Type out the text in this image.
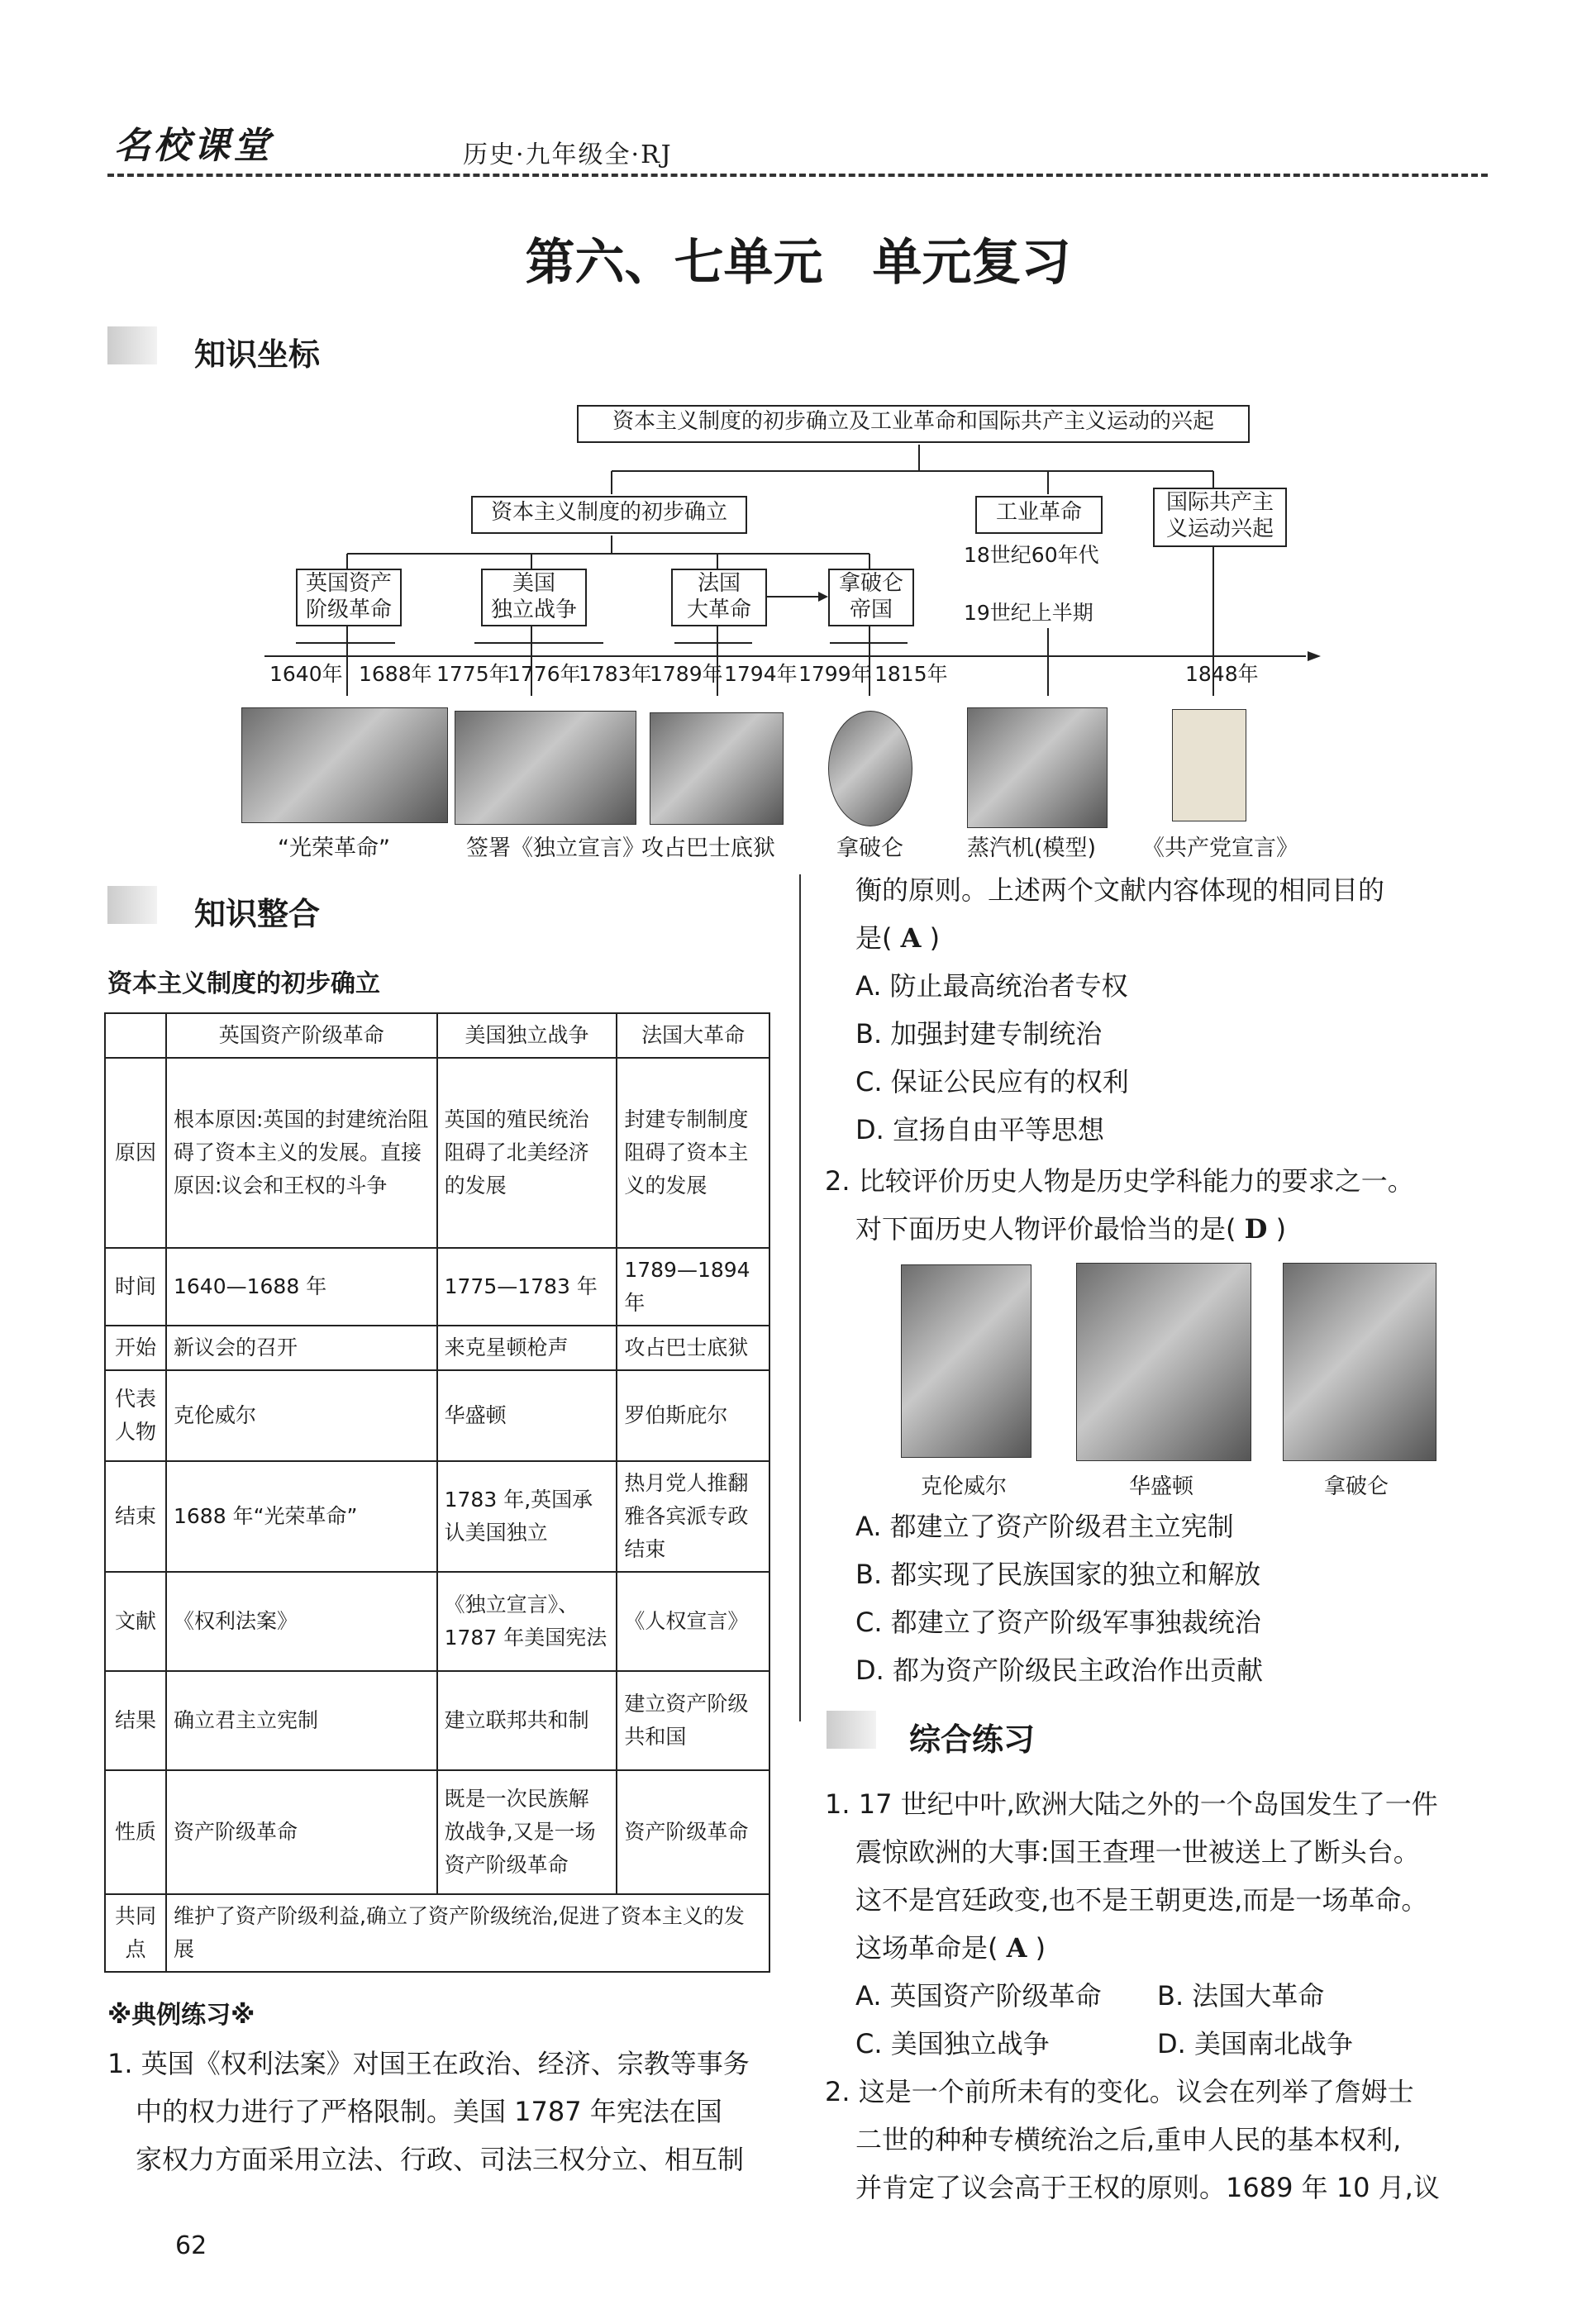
名校课堂	历史·九年级全·RJ
第六、七单元　单元复习
知识坐标
资本主义制度的初步确立及工业革命和国际共产主义运动的兴起
资本主义制度的初步确立	工业革命	国际共产主
义运动兴起
英国资产
阶级革命
美国
独立战争
法国
大革命
拿破仑
帝国
18世纪60年代
19世纪上半期
1640年 1688年 1775年
1776年
1783年
1789年 1794年 1799年 1815年	1848年
“光荣革命”	签署《独立宣言》
攻占巴士底狱	拿破仑	蒸汽机(模型) 《共产党宣言》
知识整合
资本主义制度的初步确立
	英国资产阶级革命	美国独立战争	法国大革命
原因	根本原因:英国的封建统治阻碍了资本主义的发展。直接原因:议会和王权的斗争	英国的殖民统治阻碍了北美经济的发展	封建专制制度阻碍了资本主义的发展
时间	1640—1688 年	1775—1783 年	1789—1894 年
开始	新议会的召开	来克星顿枪声	攻占巴士底狱
代表人物	克伦威尔	华盛顿	罗伯斯庇尔
结束	1688 年“光荣革命”	1783 年,英国承认美国独立	热月党人推翻雅各宾派专政结束
文献	《权利法案》	《独立宣言》、1787 年美国宪法	《人权宣言》
结果	确立君主立宪制	建立联邦共和制	建立资产阶级共和国
性质	资产阶级革命	既是一次民族解放战争,又是一场资产阶级革命	资产阶级革命
共同点	维护了资产阶级利益,确立了资产阶级统治,促进了资本主义的发展		
※典例练习※
1. 英国《权利法案》对国王在政治、经济、宗教等事务
中的权力进行了严格限制。美国 1787 年宪法在国
家权力方面采用立法、行政、司法三权分立、相互制
衡的原则。上述两个文献内容体现的相同目的
是( A )
A. 防止最高统治者专权
B. 加强封建专制统治
C. 保证公民应有的权利
D. 宣扬自由平等思想
2. 比较评价历史人物是历史学科能力的要求之一。
对下面历史人物评价最恰当的是( D )
克伦威尔	华盛顿	拿破仑
A. 都建立了资产阶级君主立宪制
B. 都实现了民族国家的独立和解放
C. 都建立了资产阶级军事独裁统治
D. 都为资产阶级民主政治作出贡献
综合练习
1. 17 世纪中叶,欧洲大陆之外的一个岛国发生了一件
震惊欧洲的大事:国王查理一世被送上了断头台。
这不是宫廷政变,也不是王朝更迭,而是一场革命。
这场革命是( A )
A. 英国资产阶级革命 B. 法国大革命
C. 美国独立战争	D. 美国南北战争
2. 这是一个前所未有的变化。议会在列举了詹姆士
二世的种种专横统治之后,重申人民的基本权利,
并肯定了议会高于王权的原则。1689 年 10 月,议
62
